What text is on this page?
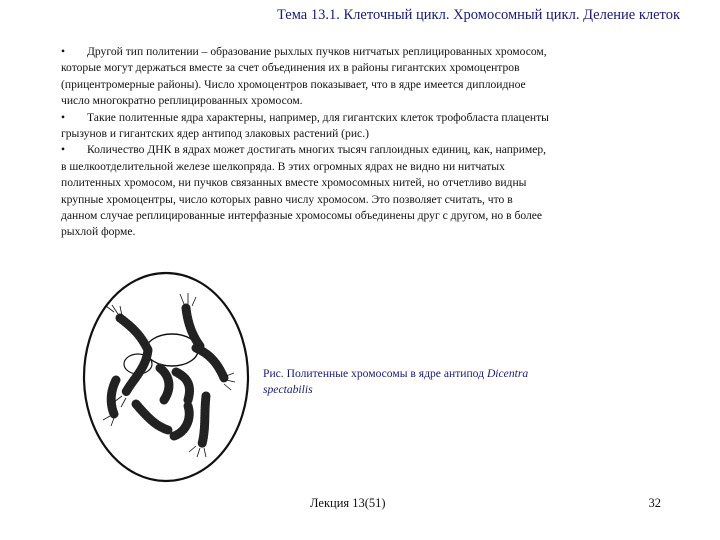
Тема 13.1. Клеточный цикл. Хромосомный цикл. Деление клеток

• Другой тип политении – образование рыхлых пучков нитчатых реплицированных хромосом,
которые могут держаться вместе за счет объединения их в районы гигантских хромоцентров
(прицентромерные районы). Число хромоцентров показывает, что в ядре имеется диплоидное
число многократно реплицированных хромосом.

• Такие политенные ядра характерны, например, для гигантских клеток трофобласта плаценты
грызунов и гигантских ядер антипод злаковых растений (рис.)

• Количество ДНК в ядрах может достигать многих тысяч гаплоидных единиц, как, например,
в шелкоотделительной железе шелкопряда. В этих огромных ядрах не видно ни нитчатых
политенных хромосом, ни пучков связанных вместе хромосомных нитей, но отчетливо видны
крупные хромоцентры, число которых равно числу хромосом. Это позволяет считать, что в
данном случае реплицированные интерфазные хромосомы объединены друг с другом, но в более
рыхлой форме.

Рис. Политенные хромосомы в ядре антипод Dicentra
spectabilis
Лекция 13(51)	32
